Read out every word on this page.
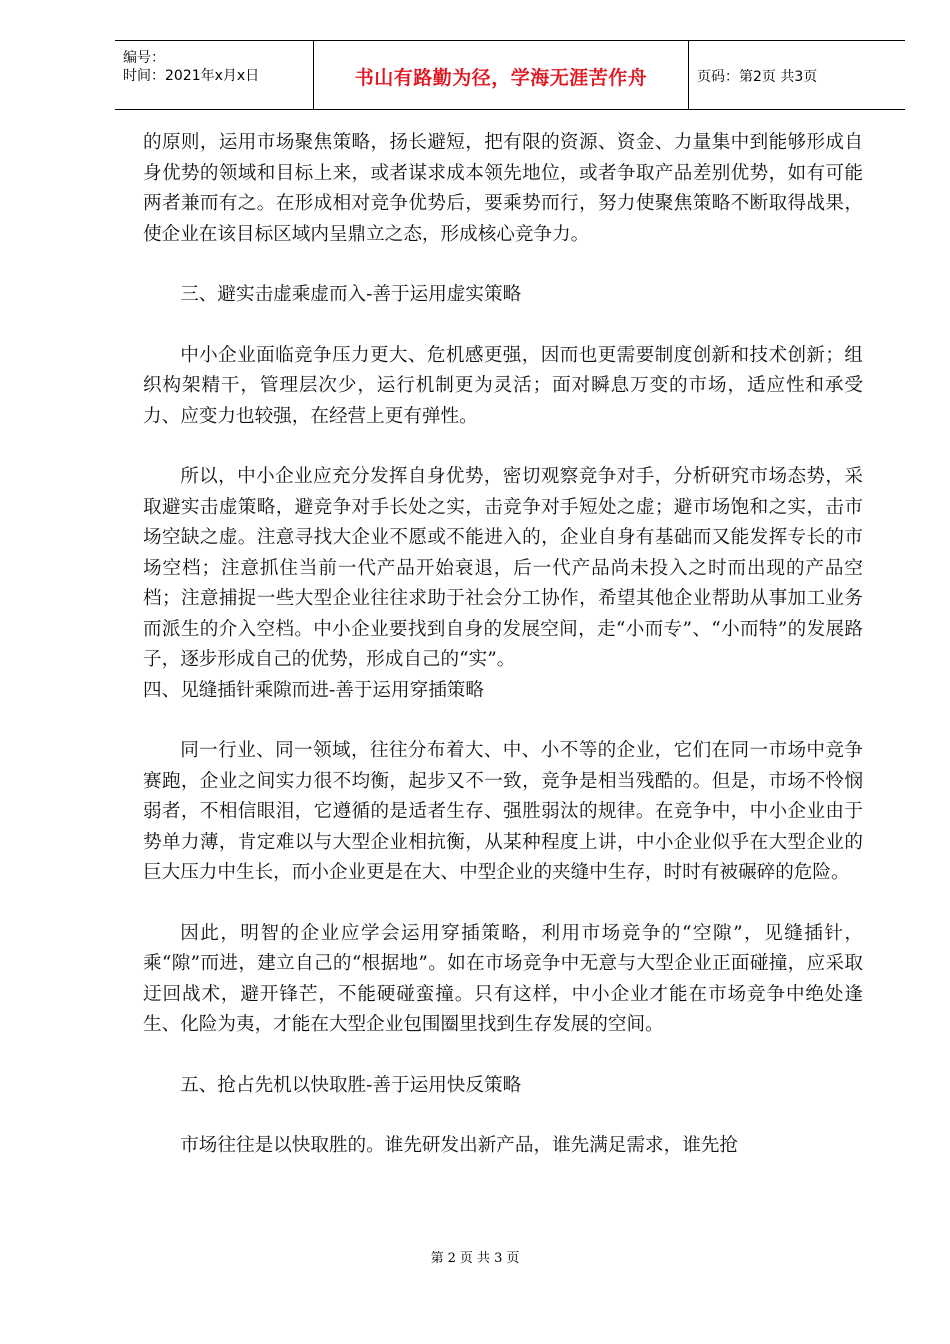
编号：
时间：2021年x月x日	书山有路勤为径，学海无涯苦作舟	页码：第2页 共3页

的原则，运用市场聚焦策略，扬长避短，把有限的资源、资金、力量集中到能够形成自身优势的领域和目标上来，或者谋求成本领先地位，或者争取产品差别优势，如有可能两者兼而有之。在形成相对竞争优势后，要乘势而行，努力使聚焦策略不断取得战果，使企业在该目标区域内呈鼎立之态，形成核心竞争力。

三、避实击虚乘虚而入-善于运用虚实策略

中小企业面临竞争压力更大、危机感更强，因而也更需要制度创新和技术创新；组织构架精干，管理层次少，运行机制更为灵活；面对瞬息万变的市场，适应性和承受力、应变力也较强，在经营上更有弹性。

所以，中小企业应充分发挥自身优势，密切观察竞争对手，分析研究市场态势，采取避实击虚策略，避竞争对手长处之实，击竞争对手短处之虚；避市场饱和之实，击市场空缺之虚。注意寻找大企业不愿或不能进入的，企业自身有基础而又能发挥专长的市场空档；注意抓住当前一代产品开始衰退，后一代产品尚未投入之时而出现的产品空档；注意捕捉一些大型企业往往求助于社会分工协作，希望其他企业帮助从事加工业务而派生的介入空档。中小企业要找到自身的发展空间，走“小而专”、“小而特”的发展路子，逐步形成自己的优势，形成自己的“实”。

四、见缝插针乘隙而进-善于运用穿插策略

同一行业、同一领域，往往分布着大、中、小不等的企业，它们在同一市场中竞争赛跑，企业之间实力很不均衡，起步又不一致，竞争是相当残酷的。但是，市场不怜悯弱者，不相信眼泪，它遵循的是适者生存、强胜弱汰的规律。在竞争中，中小企业由于势单力薄，肯定难以与大型企业相抗衡，从某种程度上讲，中小企业似乎在大型企业的巨大压力中生长，而小企业更是在大、中型企业的夹缝中生存，时时有被碾碎的危险。

因此，明智的企业应学会运用穿插策略，利用市场竞争的“空隙”，见缝插针，乘“隙”而进，建立自己的“根据地”。如在市场竞争中无意与大型企业正面碰撞，应采取迂回战术，避开锋芒，不能硬碰蛮撞。只有这样，中小企业才能在市场竞争中绝处逢生、化险为夷，才能在大型企业包围圈里找到生存发展的空间。

五、抢占先机以快取胜-善于运用快反策略

市场往往是以快取胜的。谁先研发出新产品，谁先满足需求，谁先抢

第 2 页 共 3 页
